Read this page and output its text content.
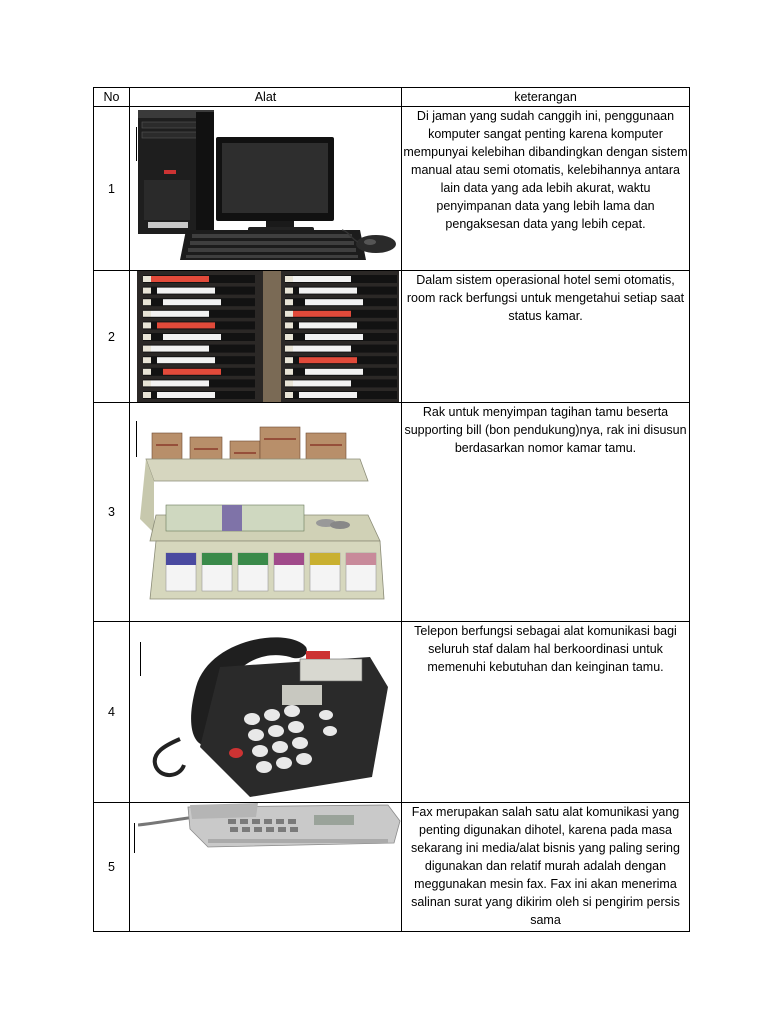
No	Alat	keterangan
1		Di jaman yang sudah canggih ini, penggunaan komputer sangat penting karena komputer mempunyai kelebihan dibandingkan dengan sistem manual atau semi otomatis, kelebihannya antara lain data yang ada lebih akurat, waktu penyimpanan data yang lebih lama dan pengaksesan data yang lebih cepat.
2		Dalam sistem operasional hotel semi otomatis, room rack berfungsi untuk mengetahui setiap saat status kamar.
3		Rak untuk menyimpan tagihan tamu beserta supporting bill (bon pendukung)nya, rak ini disusun berdasarkan nomor kamar tamu.
4		Telepon berfungsi sebagai alat komunikasi bagi seluruh staf dalam hal berkoordinasi untuk memenuhi kebutuhan dan keinginan tamu.
5		Fax merupakan salah satu alat komunikasi yang penting digunakan dihotel, karena pada masa sekarang ini media/alat bisnis yang paling sering digunakan dan relatif murah adalah dengan meggunakan mesin fax. Fax ini akan menerima salinan surat yang dikirim oleh si pengirim persis sama
